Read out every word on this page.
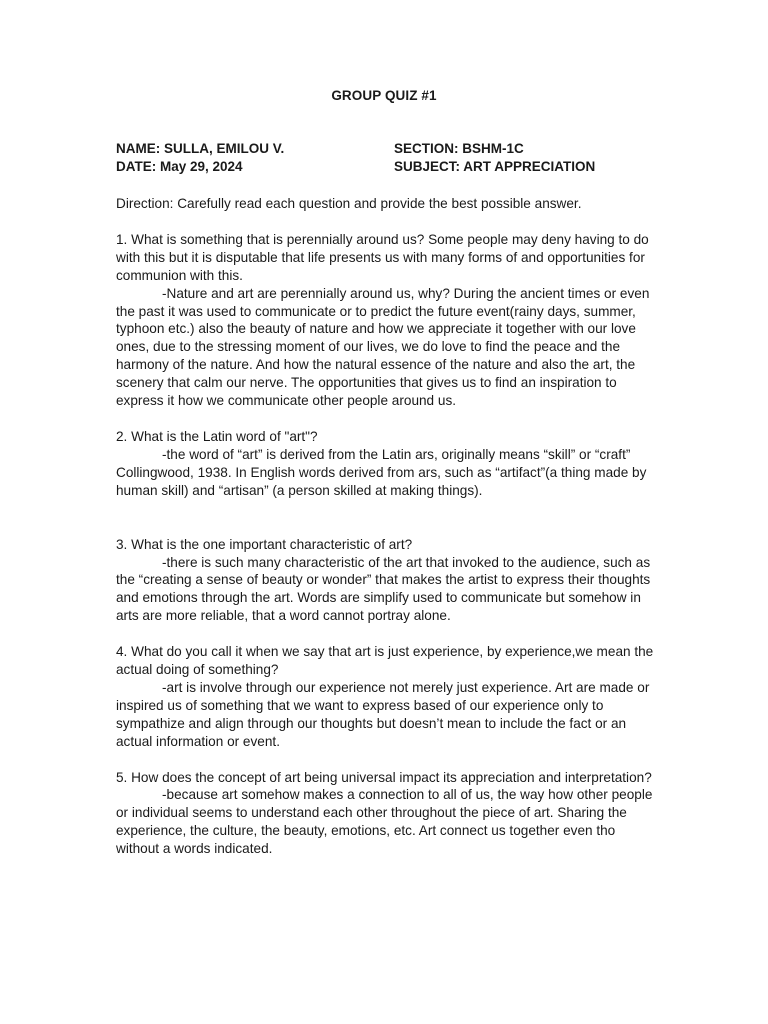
GROUP QUIZ #1
NAME: SULLA, EMILOU V.	SECTION: BSHM-1C
DATE: May 29, 2024	SUBJECT: ART APPRECIATION

Direction: Carefully read each question and provide the best possible answer.

1. What is something that is perennially around us? Some people may deny having to do with this but it is disputable that life presents us with many forms of and opportunities for communion with this.

-Nature and art are perennially around us, why? During the ancient times or even the past it was used to communicate or to predict the future event(rainy days, summer, typhoon etc.) also the beauty of nature and how we appreciate it together with our love ones, due to the stressing moment of our lives, we do love to find the peace and the harmony of the nature. And how the natural essence of the nature and also the art, the scenery that calm our nerve. The opportunities that gives us to find an inspiration to express it how we communicate other people around us.

2. What is the Latin word of "art"?

-the word of “art” is derived from the Latin ars, originally means “skill” or “craft” Collingwood, 1938. In English words derived from ars, such as “artifact”(a thing made by human skill) and “artisan” (a person skilled at making things).

3. What is the one important characteristic of art?

-there is such many characteristic of the art that invoked to the audience, such as the “creating a sense of beauty or wonder” that makes the artist to express their thoughts and emotions through the art. Words are simplify used to communicate but somehow in arts are more reliable, that a word cannot portray alone.

4. What do you call it when we say that art is just experience, by experience,we mean the actual doing of something?

-art is involve through our experience not merely just experience. Art are made or inspired us of something that we want to express based of our experience only to sympathize and align through our thoughts but doesn’t mean to include the fact or an actual information or event.

5. How does the concept of art being universal impact its appreciation and interpretation?

-because art somehow makes a connection to all of us, the way how other people or individual seems to understand each other throughout the piece of art. Sharing the experience, the culture, the beauty, emotions, etc. Art connect us together even tho without a words indicated.
